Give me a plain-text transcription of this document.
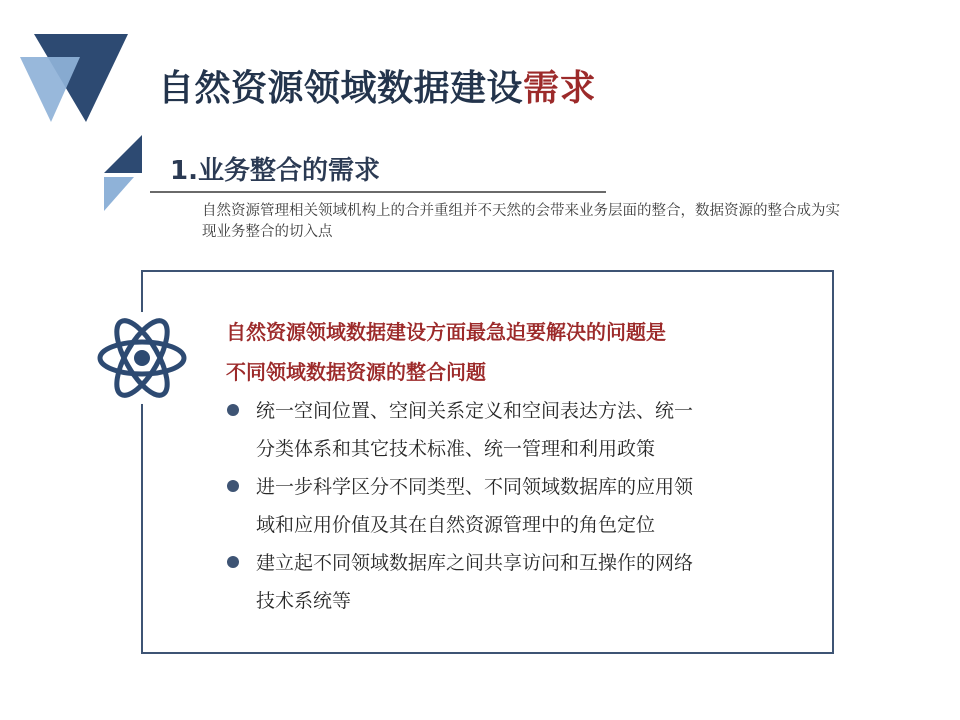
自然资源领域数据建设需求
1.业务整合的需求
自然资源管理相关领域机构上的合并重组并不天然的会带来业务层面的整合，数据资源的整合成为实现业务整合的切入点
自然资源领域数据建设方面最急迫要解决的问题是
不同领域数据资源的整合问题
统一空间位置、空间关系定义和空间表达方法、统一
分类体系和其它技术标准、统一管理和利用政策
进一步科学区分不同类型、不同领域数据库的应用领
域和应用价值及其在自然资源管理中的角色定位
建立起不同领域数据库之间共享访问和互操作的网络
技术系统等
